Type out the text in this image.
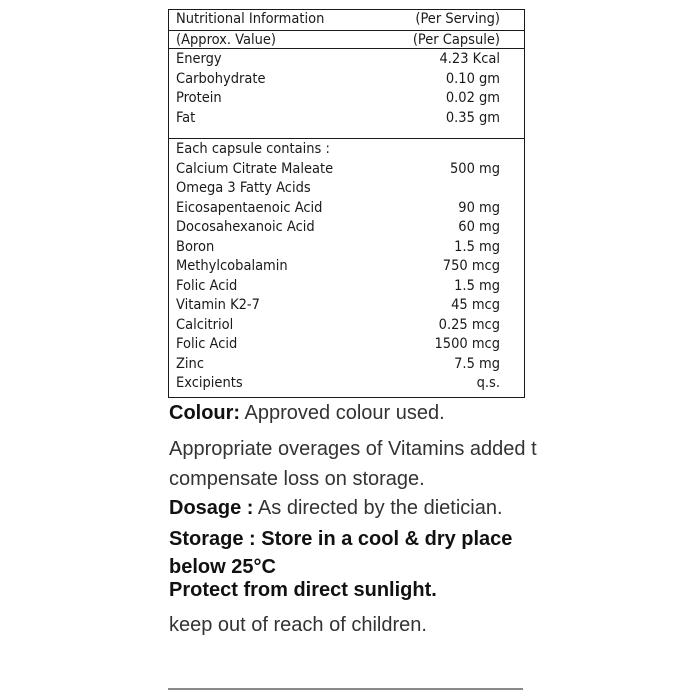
Nutritional Information	(Per Serving)
(Approx. Value)	(Per Capsule)
Energy	4.23 Kcal
Carbohydrate	0.10 gm
Protein	0.02 gm
Fat	0.35 gm
Each capsule contains :
Calcium Citrate Maleate	500 mg
Omega 3 Fatty Acids
Eicosapentaenoic Acid	90 mg
Docosahexanoic Acid	60 mg
Boron	1.5 mg
Methylcobalamin	750 mcg
Folic Acid	1.5 mg
Vitamin K2-7	45 mcg
Calcitriol	0.25 mcg
Folic Acid	1500 mcg
Zinc	7.5 mg
Excipients	q.s.

Colour: Approved colour used.

Appropriate overages of Vitamins added t

compensate loss on storage.

Dosage : As directed by the dietician.

Storage : Store in a cool & dry place

below 25°C

Protect from direct sunlight.

keep out of reach of children.
